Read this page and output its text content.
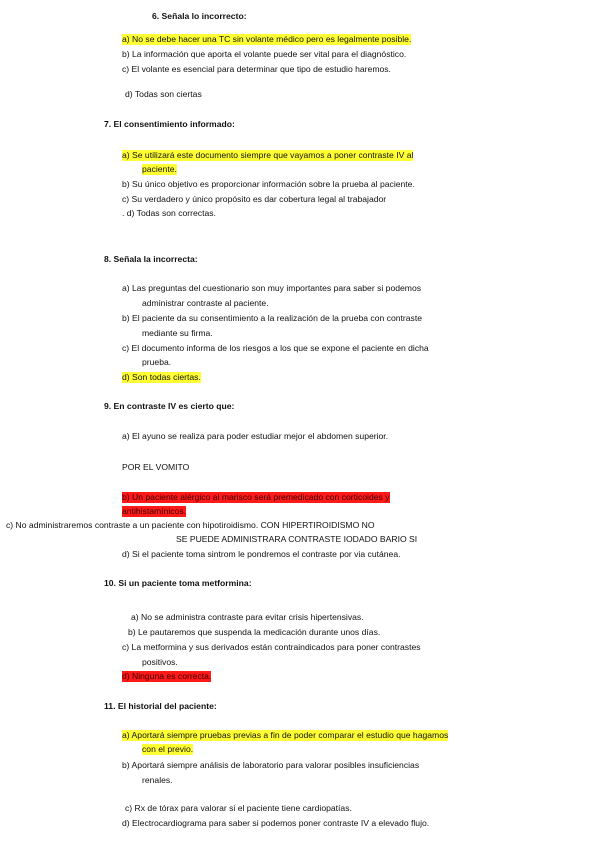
6. Señala lo incorrecto:
a) No se debe hacer una TC sin volante médico pero es legalmente posible.
b) La información que aporta el volante puede ser vital para el diagnóstico.
c) El volante es esencial para determinar que tipo de estudio haremos.
d) Todas son ciertas
7. El consentimiento informado:
a) Se utilizará este documento siempre que vayamos a poner contraste IV al
paciente.
b) Su único objetivo es proporcionar información sobre la prueba al paciente.
c) Su verdadero y único propósito es dar cobertura legal al trabajador
. d) Todas son correctas.
8. Señala la incorrecta:
a) Las preguntas del cuestionario son muy importantes para saber si podemos
administrar contraste al paciente.
b) El paciente da su consentimiento a la realización de la prueba con contraste
mediante su firma.
c) El documento informa de los riesgos a los que se expone el paciente en dicha
prueba.
d) Son todas ciertas.
9. En contraste IV es cierto que:
a) El ayuno se realiza para poder estudiar mejor el abdomen superior.
POR EL VOMITO
b) Un paciente alérgico al marisco será premedicado con corticoides y
antihistamínicos.
c) No administraremos contraste a un paciente con hipotiroidismo. CON HIPERTIROIDISMO NO
SE PUEDE ADMINISTRARA CONTRASTE IODADO BARIO SI
d) Si el paciente toma sintrom le pondremos el contraste por via cutánea.
10. Si un paciente toma metformina:
a) No se administra contraste para evitar crisis hipertensivas.
b) Le pautaremos que suspenda la medicación durante unos días.
c) La metformina y sus derivados están contraindicados para poner contrastes
positivos.
d) Ninguna es correcta.
11. El historial del paciente:
a) Aportará siempre pruebas previas a fin de poder comparar el estudio que hagamos
con el previo.
b) Aportará siempre análisis de laboratorio para valorar posibles insuficiencias
renales.
c) Rx de tórax para valorar si el paciente tiene cardiopatías.
d) Electrocardiograma para saber si podemos poner contraste IV a elevado flujo.
